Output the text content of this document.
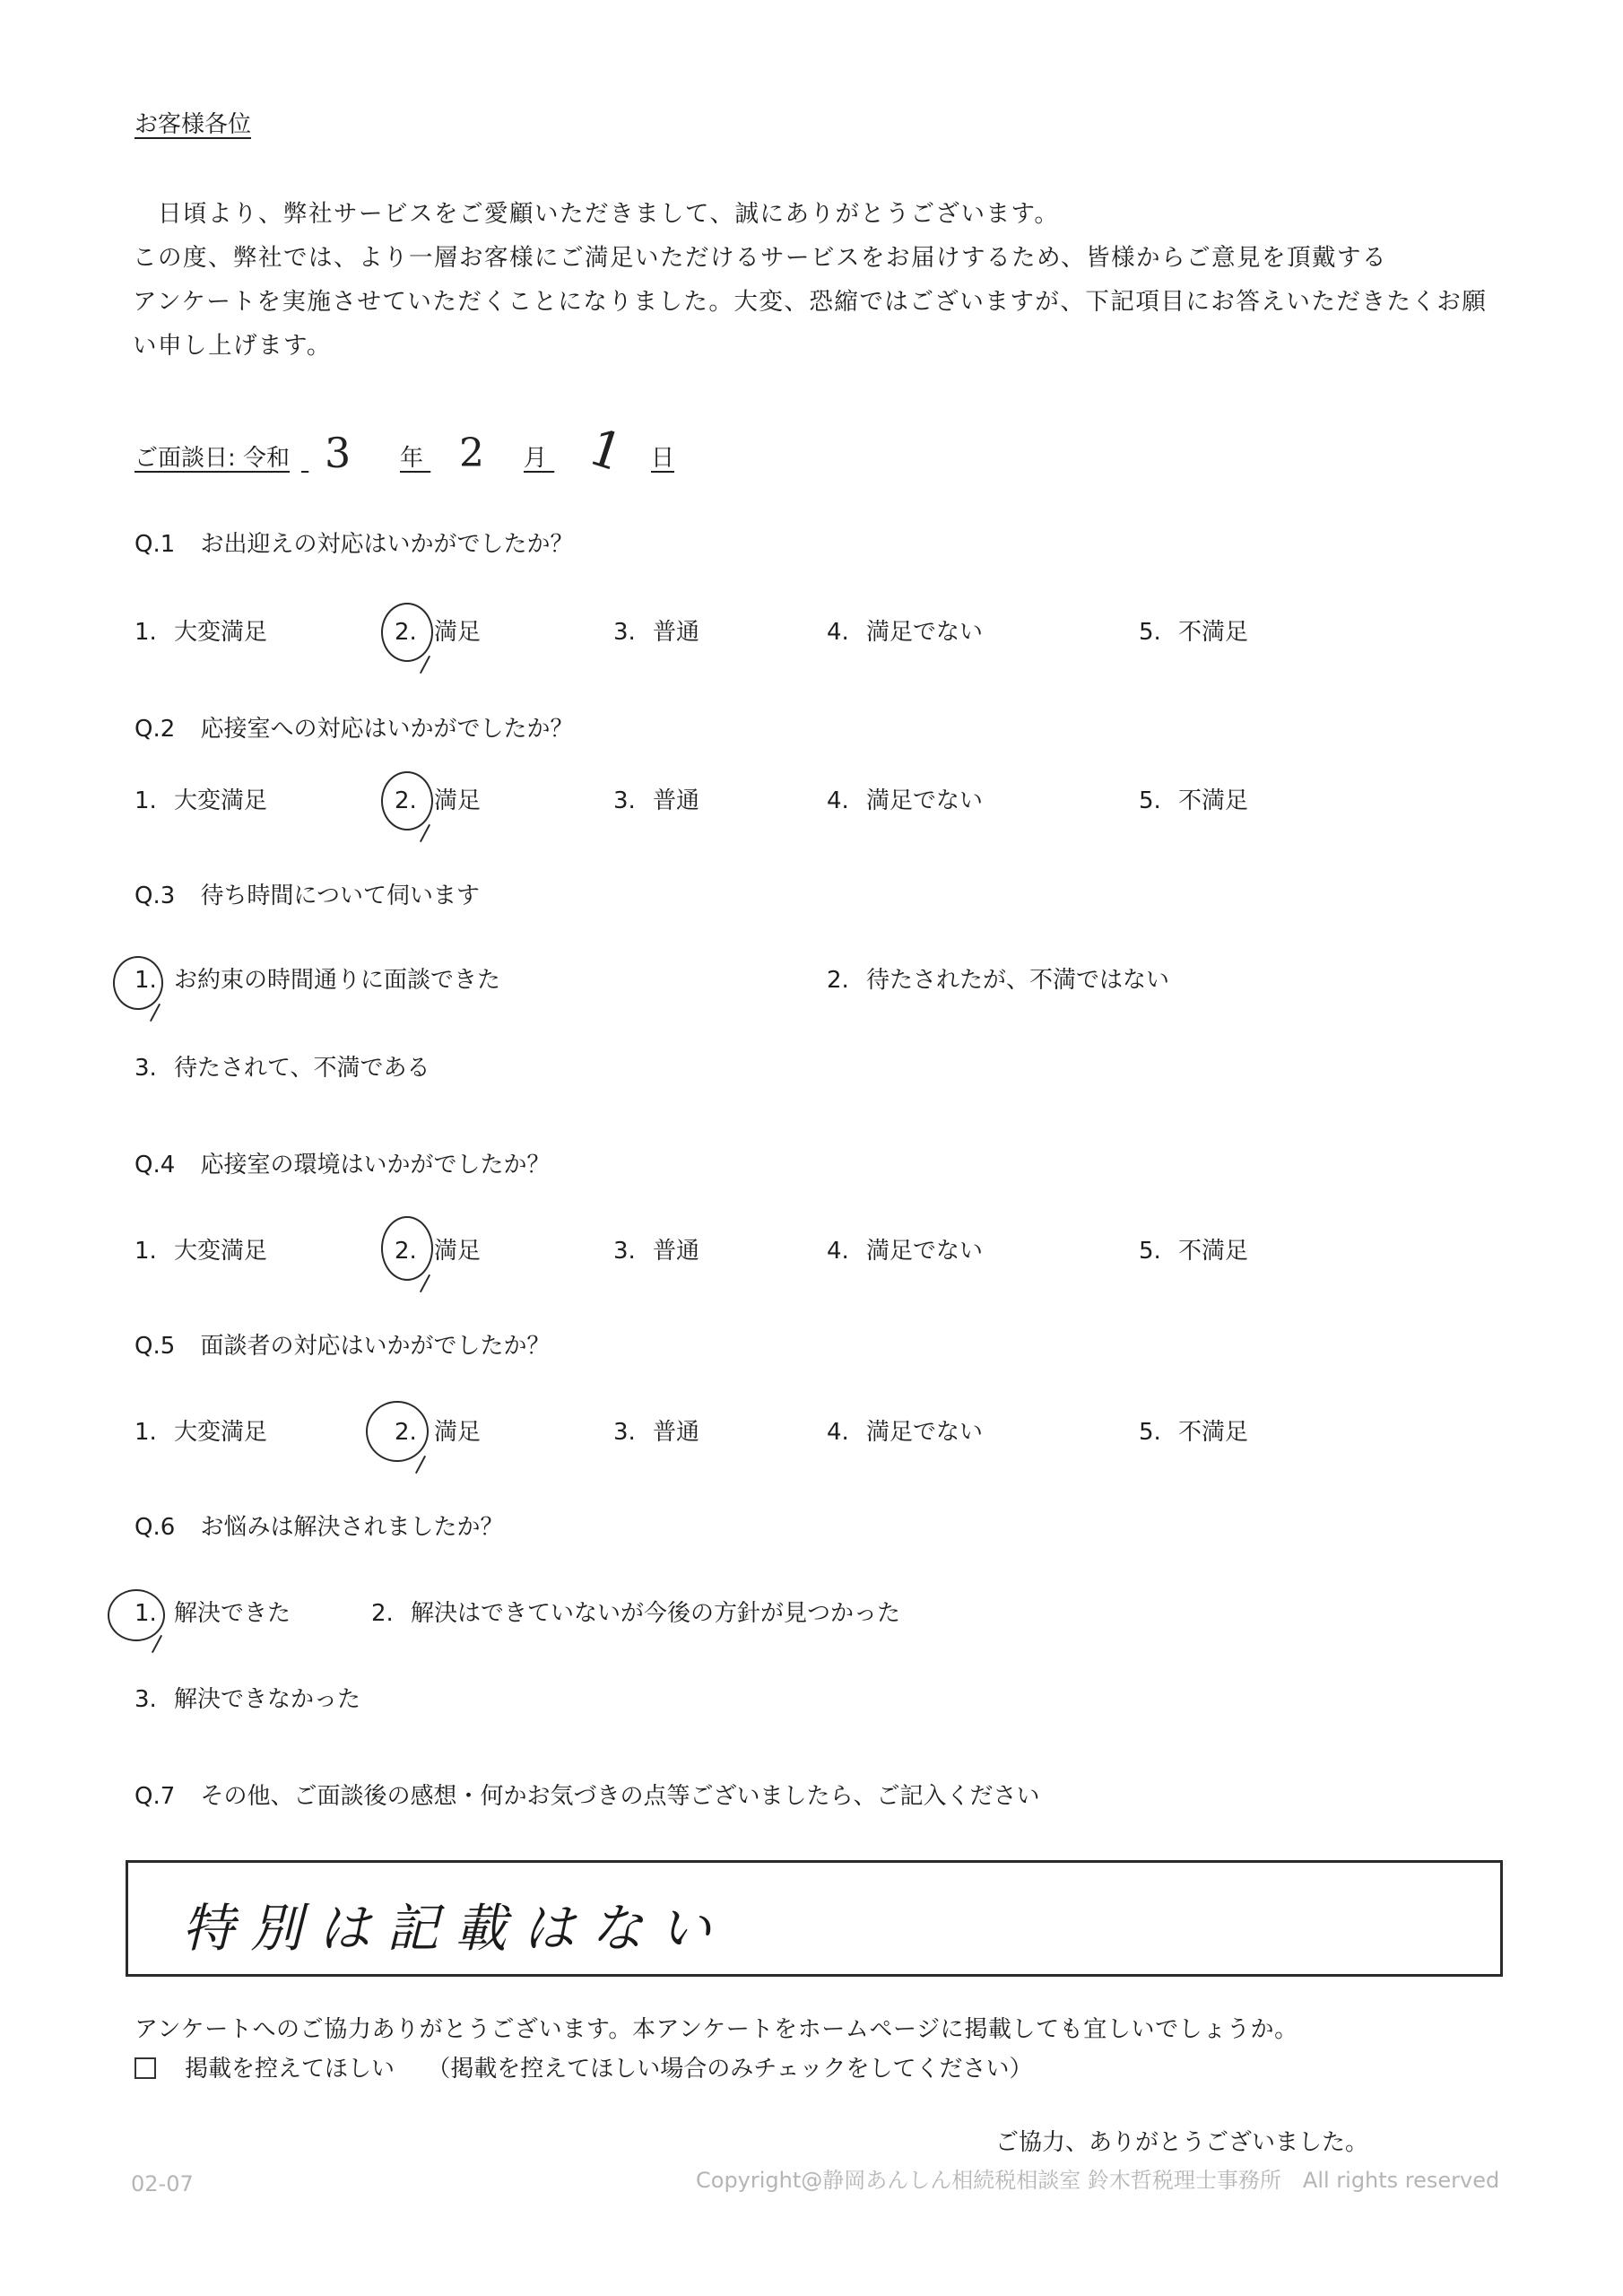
お客様各位

　日頃より、弊社サービスをご愛顧いただきまして、誠にありがとうございます。

この度、弊社では、より一層お客様にご満足いただけるサービスをお届けするため、皆様からご意見を頂戴する

アンケートを実施させていただくことになりました。大変、恐縮ではございますが、下記項目にお答えいただきたくお願

い申し上げます。

ご面談日: 令和
3 年
2 月
1 日
Q.1 お出迎えの対応はいかがでしたか？
1. 大変満足	2. 満足	3. 普通	4. 満足でない	5. 不満足
Q.2 応接室への対応はいかがでしたか？
1. 大変満足	2. 満足	3. 普通	4. 満足でない	5. 不満足
Q.3 待ち時間について伺います
1. お約束の時間通りに面談できた	2. 待たされたが、不満ではない
3. 待たされて、不満である
Q.4 応接室の環境はいかがでしたか？
1. 大変満足	2. 満足	3. 普通	4. 満足でない	5. 不満足
Q.5 面談者の対応はいかがでしたか？
1. 大変満足	2. 満足	3. 普通	4. 満足でない	5. 不満足
Q.6 お悩みは解決されましたか？
1. 解決できた	2. 解決はできていないが今後の方針が見つかった
3. 解決できなかった
Q.7 その他、ご面談後の感想・何かお気づきの点等ございましたら、ご記入ください
特別は記載はない
アンケートへのご協力ありがとうございます。本アンケートをホームページに掲載しても宜しいでしょうか。
掲載を控えてほしい （掲載を控えてほしい場合のみチェックをしてください）
ご協力、ありがとうございました。
02-07	Copyright@静岡あんしん相続税相談室 鈴木哲税理士事務所　All rights reserved
